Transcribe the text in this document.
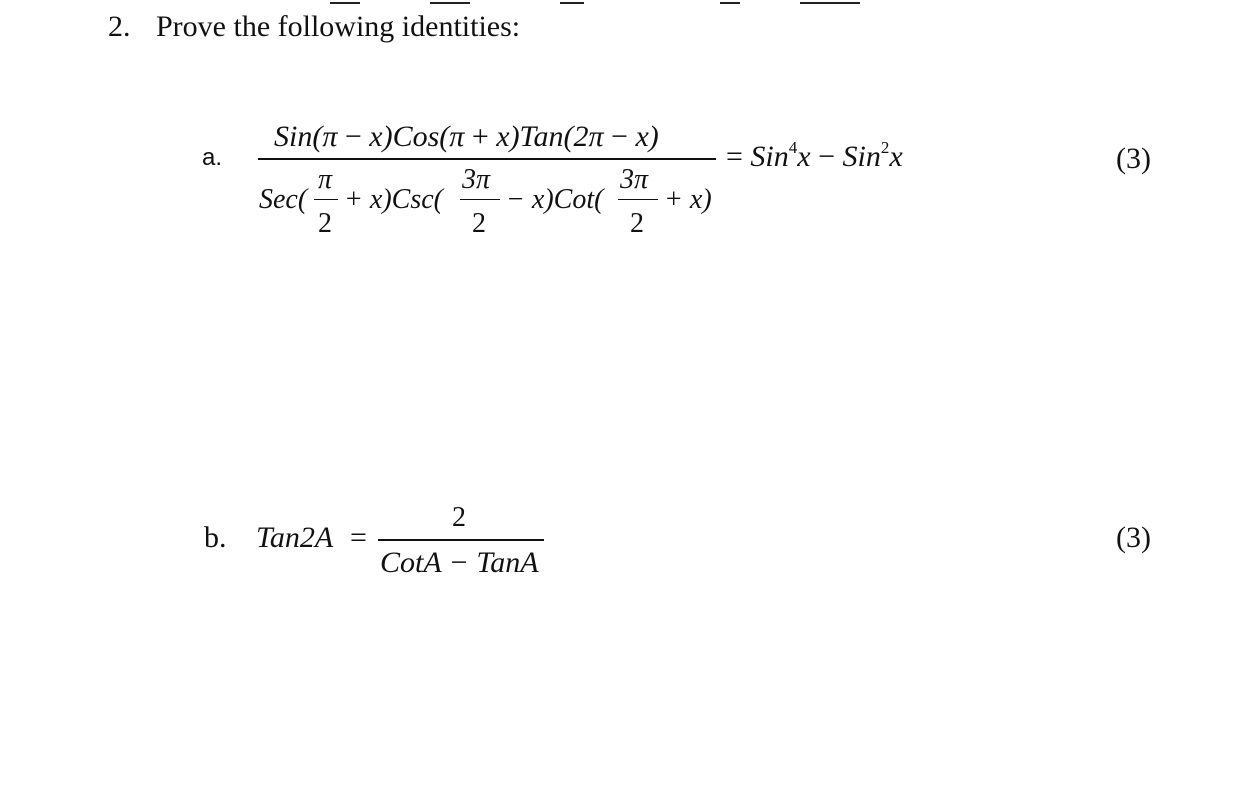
2. Prove the following identities:
a.
Sin(π − x)Cos(π + x)Tan(2π − x)
Sec(
π
2
+ x)Csc(
3π
2
− x)Cot(
3π
2
+ x)
= Sin$^4$x − Sin$^2$x	(3)
b. Tan2A =
2
CotA − TanA
(3)
